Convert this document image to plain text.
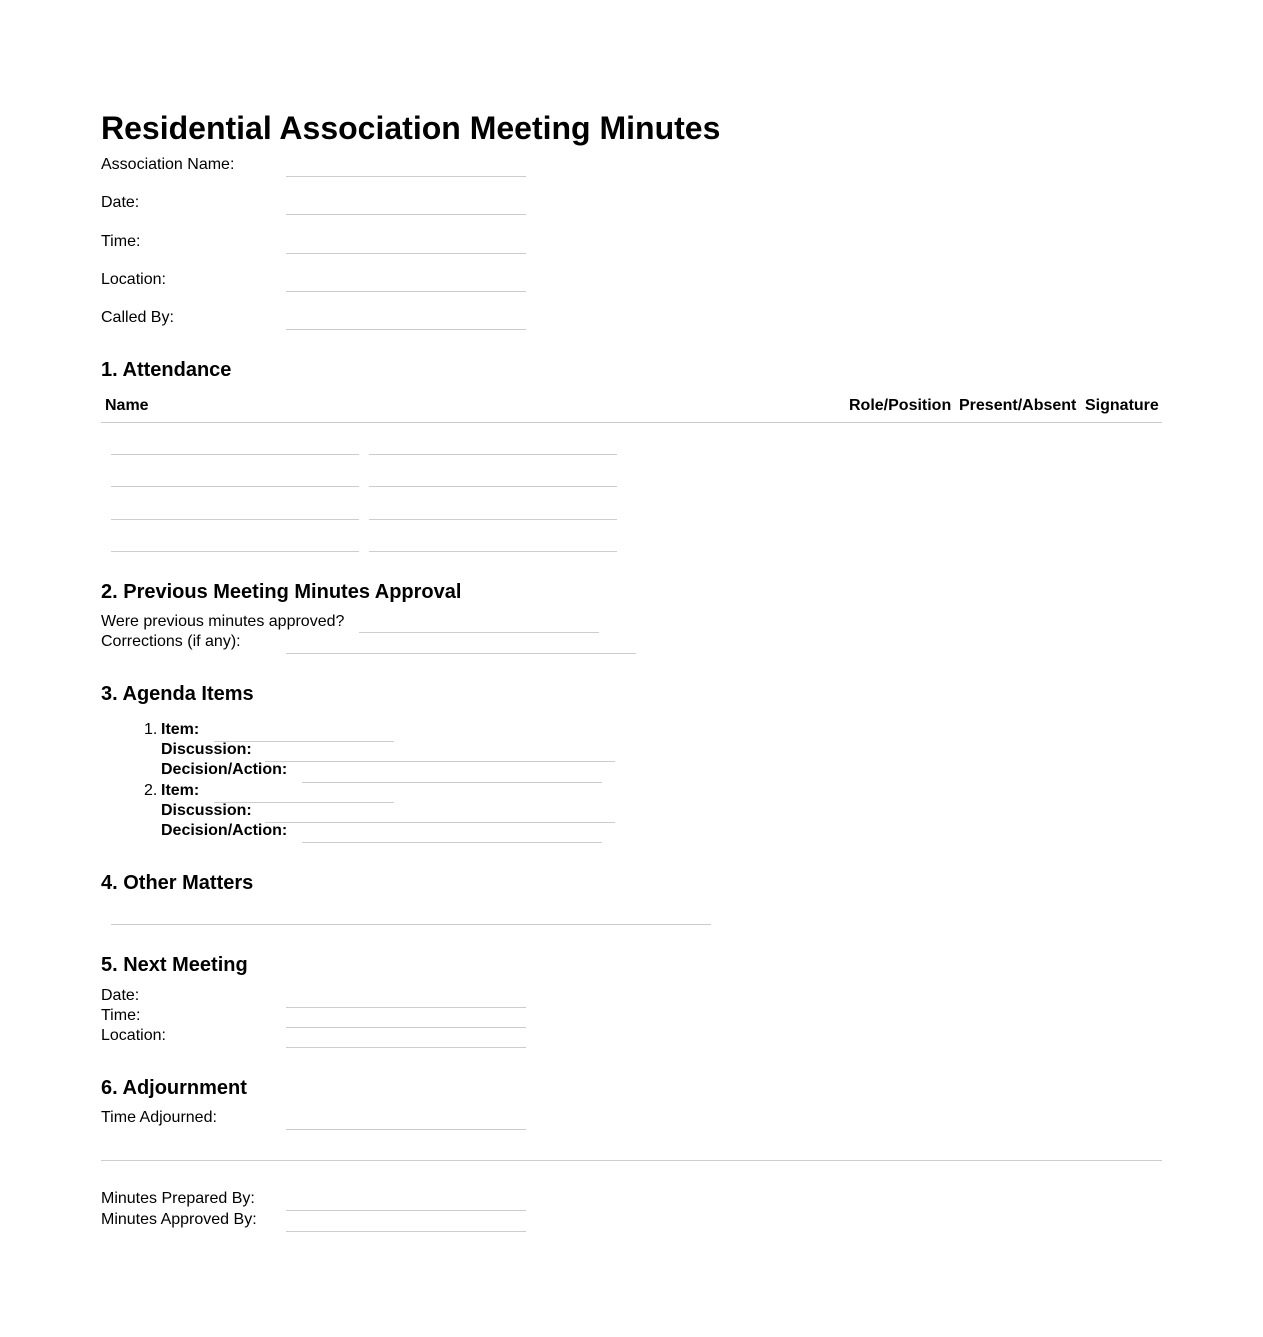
Residential Association Meeting Minutes
Association Name:
Date:
Time:
Location:
Called By:
1. Attendance
Name	Role/Position Present/Absent Signature
2. Previous Meeting Minutes Approval
Were previous minutes approved?
Corrections (if any):
3. Agenda Items
1. Item:
Discussion:
Decision/Action:
2. Item:
Discussion:
Decision/Action:
4. Other Matters
5. Next Meeting
Date:
Time:
Location:
6. Adjournment
Time Adjourned:
Minutes Prepared By:
Minutes Approved By:
